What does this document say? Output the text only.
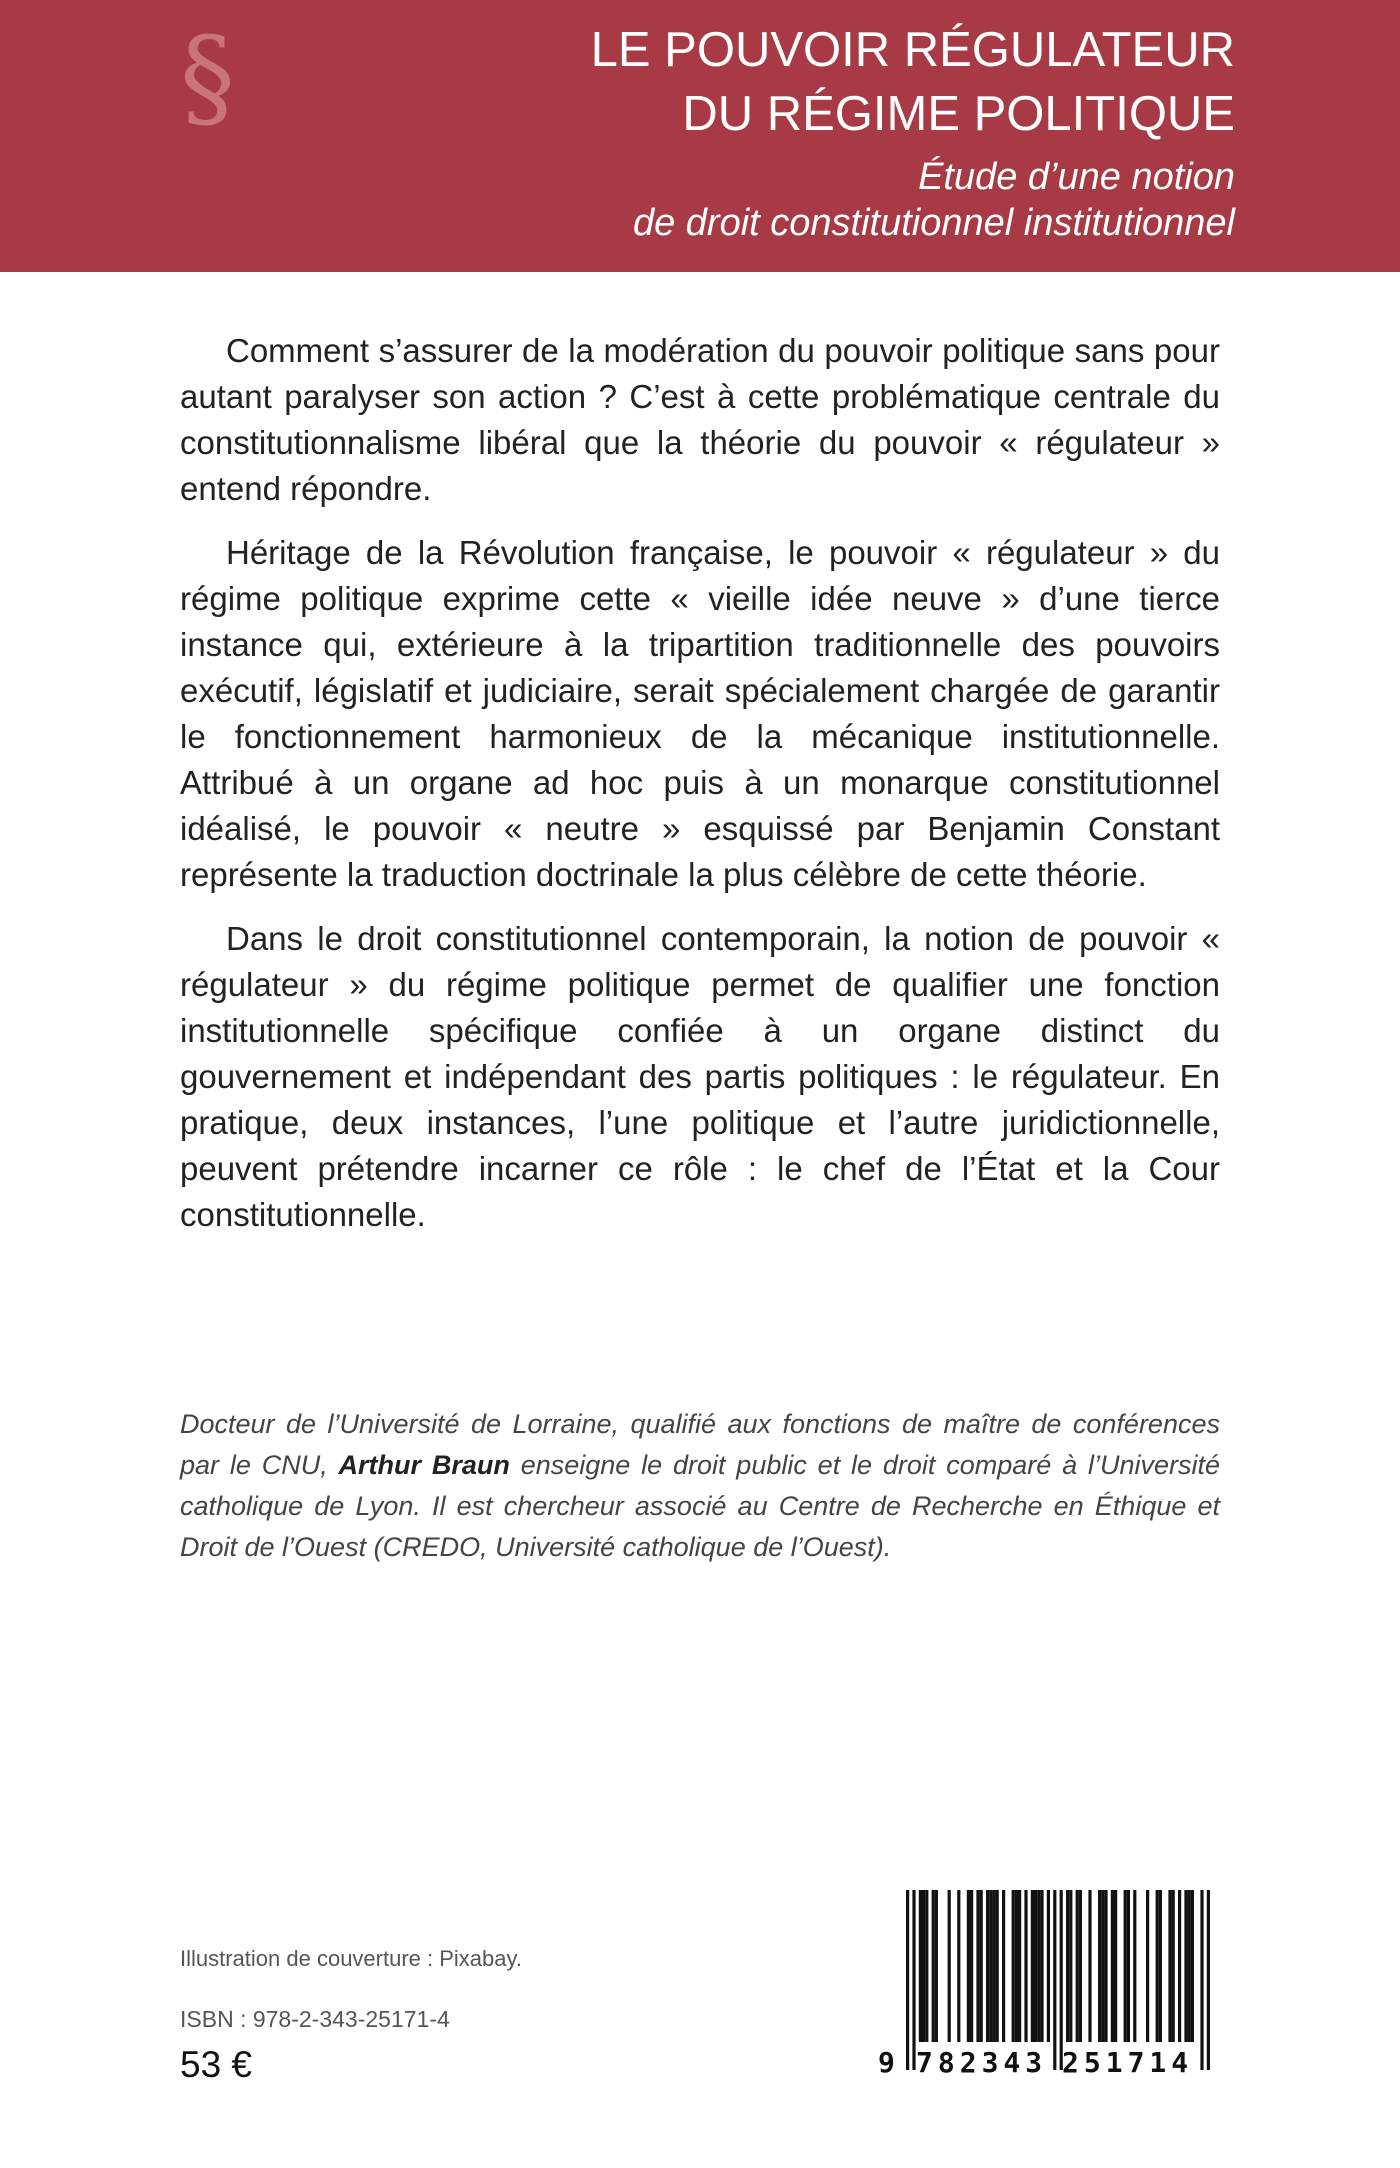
§	LE POUVOIR RÉGULATEUR
DU RÉGIME POLITIQUE
Étude d’une notion
de droit constitutionnel institutionnel

Comment s’assurer de la modération du pouvoir politique sans pour autant paralyser son action ? C’est à cette problématique centrale du constitutionnalisme libéral que la théorie du pouvoir « régulateur » entend répondre.

Héritage de la Révolution française, le pouvoir « régulateur » du régime politique exprime cette « vieille idée neuve » d’une tierce instance qui, extérieure à la tripartition traditionnelle des pouvoirs exécutif, législatif et judiciaire, serait spécialement chargée de garantir le fonctionnement harmonieux de la mécanique institutionnelle. Attribué à un organe ad hoc puis à un monarque constitutionnel idéalisé, le pouvoir « neutre » esquissé par Benjamin Constant représente la traduction doctrinale la plus célèbre de cette théorie.

Dans le droit constitutionnel contemporain, la notion de pouvoir « régulateur » du régime politique permet de qualifier une fonction institutionnelle spécifique confiée à un organe distinct du gouvernement et indépendant des partis politiques : le régulateur. En pratique, deux instances, l’une politique et l’autre juridictionnelle, peuvent prétendre incarner ce rôle : le chef de l’État et la Cour constitutionnelle.

Docteur de l’Université de Lorraine, qualifié aux fonctions de maître de conférences par le CNU, Arthur Braun enseigne le droit public et le droit comparé à l’Université catholique de Lyon. Il est chercheur associé au Centre de Recherche en Éthique et Droit de l’Ouest (CREDO, Université catholique de l’Ouest).
Illustration de couverture : Pixabay.
ISBN : 978-2-343-25171-4
53 €	9 782343 251714
